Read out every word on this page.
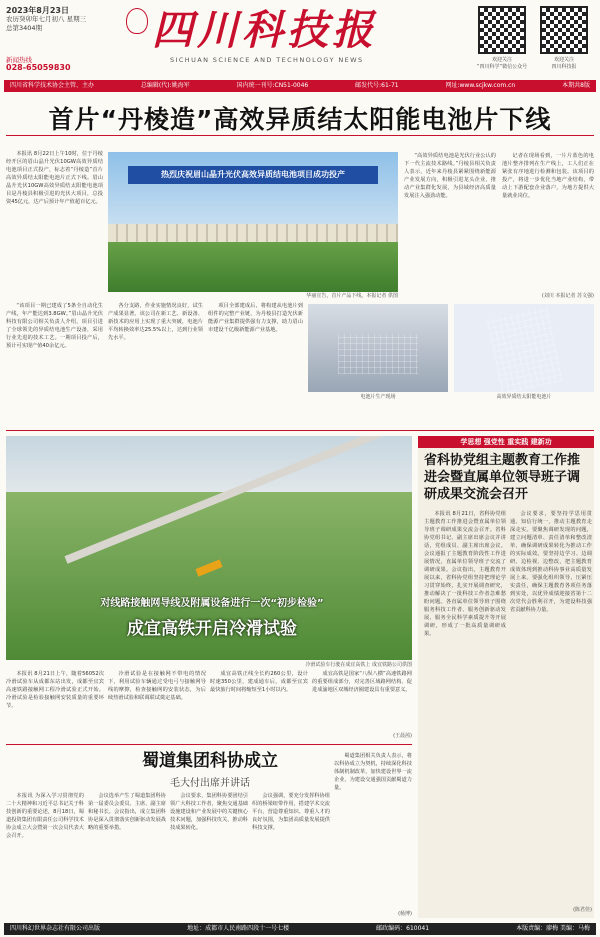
2023年8月23日
农历癸卯年七月初八 星期三
总第3404期
新闻热线
028-65059830
四川科技报
SICHUAN SCIENCE AND TECHNOLOGY NEWS	欢迎关注
“四川科学”微信公众号
欢迎关注
四川科技报
四川省科学技术协会主管、主办	总编辑(代):姚海军	国内统一刊号:CN51-0046	邮发代号:61-71	网址:www.scjkw.com.cn	本期共8版
首片“丹棱造”高效异质结太阳能电池片下线
本报讯 8月22日上午10时，位于丹棱经开区的眉山晶升光伏10GW高效异质结电池项目正式投产，标志着“丹棱造”首片高效异质结太阳能电池片正式下线。眉山晶升光伏10GW高效异质结太阳能电池项目是丹棱县积极引进的光伏大项目，总投资45亿元，达产后预计年产值超百亿元。
热烈庆祝眉山晶升光伏高效异质结电池项目成功投产
华丽宣告，首片产品下线。本报记者 供图
“该项目一期已建成了5条全自动化生产线，年产能达到3.8GW。”眉山晶升光伏科技有限公司相关负责人介绍，项目引进了全球领先的异质结电池生产设备，采用行业先进的技术工艺。一期项目投产后，预计可实现产值40余亿元。
各分支路，作业实施情况良好，试生产成果显著。该公司在新工艺、新设备、新技术的应用上实现了重大突破，电池片平均转换效率达25.5%以上，达到行业领先水平。
项目全部建成后，将构建从电池片到组件的完整产业链，为丹棱县打造光伏新能源产业集群提供强有力支撑，助力眉山市建设千亿级新能源产业基地。
电池片生产现场	高效异质结太阳能电池片
“高效异质结电池是光伏行业公认的下一代主流技术路线。”丹棱县相关负责人表示，近年来丹棱县紧紧围绕新能源产业发展方向，积极引进龙头企业，推动产业集群化发展，为县域经济高质量发展注入强劲动能。
记者在现场看到，一片片蓝色的电池片整齐排列在生产线上，工人们正在紧张有序地进行检测和包装。该项目的投产，将进一步优化当地产业结构，带动上下游配套企业落户，为地方提供大量就业岗位。
(刘川 本报记者 苏文强)
对线路接触网导线及附属设备进行一次“初步检验”
成宜高铁开启冷滑试验
冷滑试验车行驶在成宜高铁上 成宜铁路公司供图
本报讯 8月21日上午，随着56052次冷滑试验车从成都东站出发，成都至宜宾高速铁路接触网工程冷滑试验正式开始。冷滑试验是检验接触网安装质量的重要环节。
冷滑试验是在接触网不带电的情况下，利用试验车辆通过受电弓与接触网导线的摩擦，检查接触网的安装状态，为后续热滑试验和联调联试奠定基础。
成宜高铁正线全长约260公里，设计时速350公里，建成通车后，成都至宜宾最快旅行时间将缩短至1小时以内。
成宜高铁是国家“八纵八横”高速铁路网的重要组成部分，对完善区域路网结构、促进成渝地区双城经济圈建设具有重要意义。
(王晨茜)
蜀道集团科协成立
毛大付出席并讲话
本报讯 为深入学习贯彻党的二十大精神和习近平总书记关于科技创新的重要论述，8月18日，蜀道投资集团有限责任公司科学技术协会成立大会暨第一次会员代表大会召开。
会议选举产生了蜀道集团科协第一届委员会委员、主席、副主席和秘书长。会议指出，成立集团科协是深入贯彻落实创新驱动发展战略的重要举措。
会议要求，集团科协要团结引领广大科技工作者，聚焦交通基础设施建设和产业发展中的关键核心技术问题，加强科技攻关，推动科技成果转化。
会议强调，要充分发挥科协组织的桥梁纽带作用，搭建学术交流平台，营造尊重知识、尊重人才的良好氛围，为集团高质量发展提供科技支撑。
蜀道集团相关负责人表示，将以科协成立为契机，持续深化科技体制机制改革，加快建设世界一流企业，为建设交通强国贡献蜀道力量。
(杨博)
学思想 强党性 重实践 建新功
省科协党组主题教育工作推进会暨直属单位领导班子调研成果交流会召开
本报讯 8月21日，省科协党组主题教育工作推进会暨直属单位领导班子调研成果交流会召开。省科协党组书记、副主席出席会议并讲话，党组成员、副主席出席会议。会议通报了主题教育阶段性工作进展情况，直属单位领导班子交流了调研成果。会议指出，主题教育开展以来，省科协党组坚持把理论学习贯穿始终，扎实开展调查研究，推动解决了一批科技工作者急难愁盼问题。各直属单位领导班子围绕服务科技工作者、服务创新驱动发展、服务全民科学素质提升等开展调研，形成了一批高质量调研成果。
会议要求，要坚持学思用贯通、知信行统一，推动主题教育走深走实。要聚焦调研发现的问题，建立问题清单、责任清单和整改清单，确保调研成果转化为推动工作的实际成效。要坚持边学习、边调研、边检视、边整改，把主题教育成效体现到推动科协事业高质量发展上来。要强化组织领导，压紧压实责任，确保主题教育各项任务落到实处，以优异成绩迎接省第十二次党代会胜利召开，为建设科技强省贡献科协力量。
(陈君佳)
四川科幻世界杂志社有限公司出版	地址：成都市人民南路四段十一号七楼	邮政编码：610041	本版责编：廖梅 美编：马梅
